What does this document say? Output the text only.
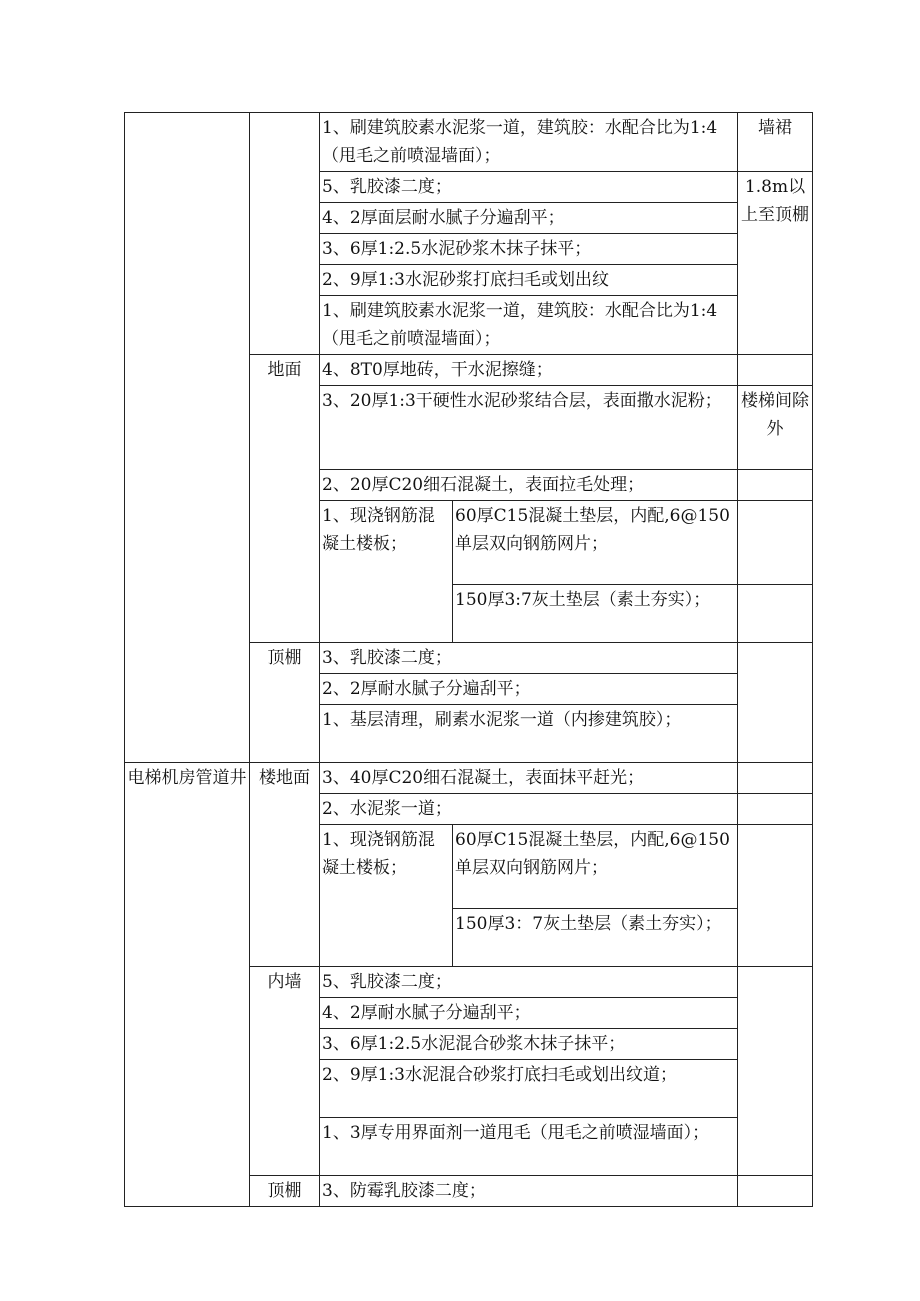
		1、刷建筑胶素水泥浆一道，建筑胶：水配合比为1:4（甩毛之前喷湿墙面）；		墙裙
		5、乳胶漆二度；		1.8m以上至顶棚
		4、2厚面层耐水腻子分遍刮平；		
		3、6厚1:2.5水泥砂浆木抹子抹平；		
		2、9厚1:3水泥砂浆打底扫毛或划出纹		
		1、刷建筑胶素水泥浆一道，建筑胶：水配合比为1:4（甩毛之前喷湿墙面）；		
	地面	4、8T0厚地砖，干水泥擦缝；		
		3、20厚1:3干硬性水泥砂浆结合层，表面撒水泥粉；		楼梯间除外
		2、20厚C20细石混凝土，表面拉毛处理；		
		1、现浇钢筋混凝土楼板；	60厚C15混凝土垫层，内配,6@150单层双向钢筋网片；	
			150厚3:7灰土垫层（素土夯实）；	
	顶棚	3、乳胶漆二度；		
		2、2厚耐水腻子分遍刮平；		
		1、基层清理，刷素水泥浆一道（内掺建筑胶）；		
电梯机房管道井	楼地面	3、40厚C20细石混凝土，表面抹平赶光；		
		2、水泥浆一道；		
		1、现浇钢筋混凝土楼板；	60厚C15混凝土垫层，内配,6@150单层双向钢筋网片；	
			150厚3：7灰土垫层（素土夯实）；	
	内墙	5、乳胶漆二度；		
		4、2厚耐水腻子分遍刮平；		
		3、6厚1:2.5水泥混合砂浆木抹子抹平；		
		2、9厚1:3水泥混合砂浆打底扫毛或划出纹道；		
		1、3厚专用界面剂一道甩毛（甩毛之前喷湿墙面）；		
	顶棚	3、防霉乳胶漆二度；		
